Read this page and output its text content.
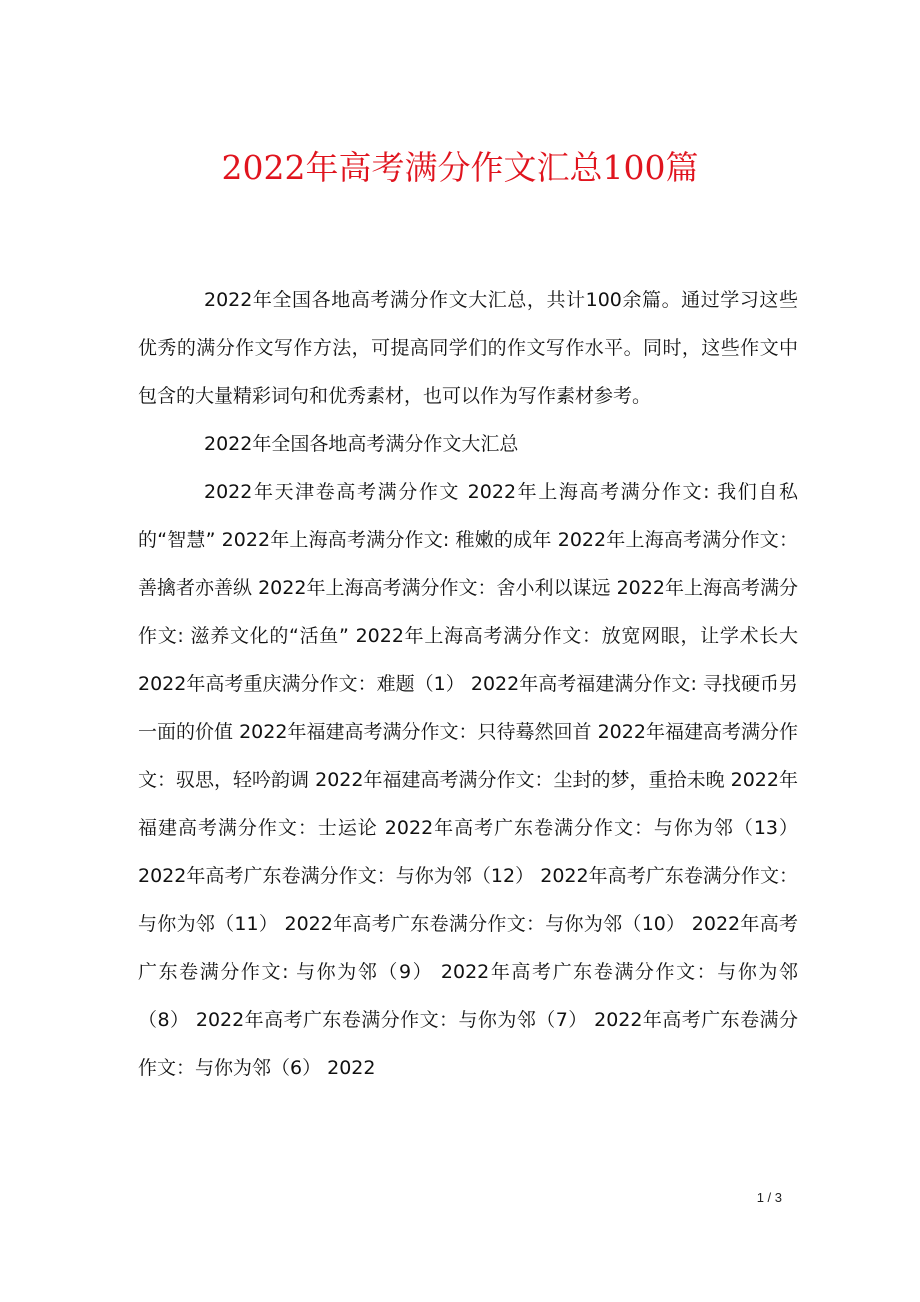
2022年高考满分作文汇总100篇

2022年全国各地高考满分作文大汇总，共计100余篇。通过学习这些优秀的满分作文写作方法，可提高同学们的作文写作水平。同时，这些作文中包含的大量精彩词句和优秀素材，也可以作为写作素材参考。

2022年全国各地高考满分作文大汇总

2022年天津卷高考满分作文 2022年上海高考满分作文: 我们自私的“智慧” 2022年上海高考满分作文: 稚嫩的成年 2022年上海高考满分作文：善擒者亦善纵 2022年上海高考满分作文：舍小利以谋远 2022年上海高考满分作文: 滋养文化的“活鱼” 2022年上海高考满分作文：放宽网眼，让学术长大 2022年高考重庆满分作文：难题（1） 2022年高考福建满分作文: 寻找硬币另一面的价值 2022年福建高考满分作文：只待蓦然回首 2022年福建高考满分作文：驭思，轻吟韵调 2022年福建高考满分作文：尘封的梦，重拾未晚 2022年福建高考满分作文：士运论 2022年高考广东卷满分作文：与你为邻（13） 2022年高考广东卷满分作文：与你为邻（12） 2022年高考广东卷满分作文：与你为邻（11） 2022年高考广东卷满分作文：与你为邻（10） 2022年高考广东卷满分作文: 与你为邻（9） 2022年高考广东卷满分作文：与你为邻（8） 2022年高考广东卷满分作文：与你为邻（7） 2022年高考广东卷满分作文：与你为邻（6） 2022

1 / 3
